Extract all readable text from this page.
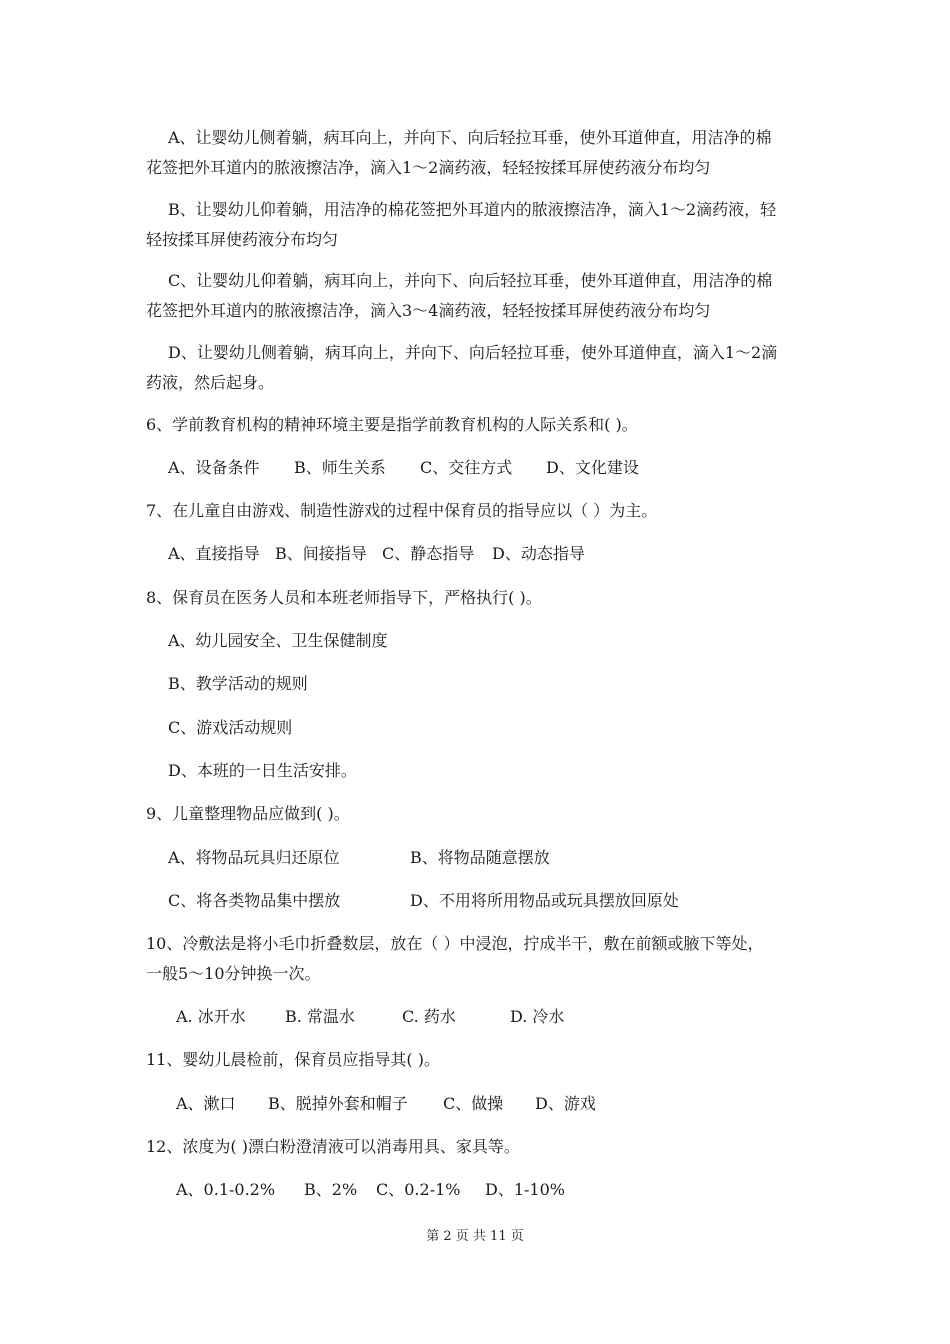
A、让婴幼儿侧着躺，病耳向上，并向下、向后轻拉耳垂，使外耳道伸直，用洁净的棉
花签把外耳道内的脓液擦洁净，滴入1～2滴药液，轻轻按揉耳屏使药液分布均匀
B、让婴幼儿仰着躺，用洁净的棉花签把外耳道内的脓液擦洁净，滴入1～2滴药液，轻
轻按揉耳屏使药液分布均匀
C、让婴幼儿仰着躺，病耳向上，并向下、向后轻拉耳垂，使外耳道伸直，用洁净的棉
花签把外耳道内的脓液擦洁净，滴入3～4滴药液，轻轻按揉耳屏使药液分布均匀
D、让婴幼儿侧着躺，病耳向上，并向下、向后轻拉耳垂，使外耳道伸直，滴入1～2滴
药液，然后起身。
6、学前教育机构的精神环境主要是指学前教育机构的人际关系和( )。
A、设备条件 B、师生关系 C、交往方式 D、文化建设
7、在儿童自由游戏、制造性游戏的过程中保育员的指导应以（ ）为主。
A、直接指导 B、间接指导 C、静态指导 D、动态指导
8、保育员在医务人员和本班老师指导下，严格执行( )。
A、幼儿园安全、卫生保健制度
B、教学活动的规则
C、游戏活动规则
D、本班的一日生活安排。
9、儿童整理物品应做到( )。
A、将物品玩具归还原位	B、将物品随意摆放
C、将各类物品集中摆放	D、不用将所用物品或玩具摆放回原处
10、冷敷法是将小毛巾折叠数层，放在（ ）中浸泡，拧成半干，敷在前额或腋下等处，
一般5～10分钟换一次。
A. 冰开水 B. 常温水	C. 药水	D. 冷水
11、婴幼儿晨检前，保育员应指导其( )。
A、漱口 B、脱掉外套和帽子 C、做操 D、游戏
12、浓度为( )漂白粉澄清液可以消毒用具、家具等。
A、0.1-0.2% B、2% C、0.2-1% D、1-10%
第 2 页 共 11 页
